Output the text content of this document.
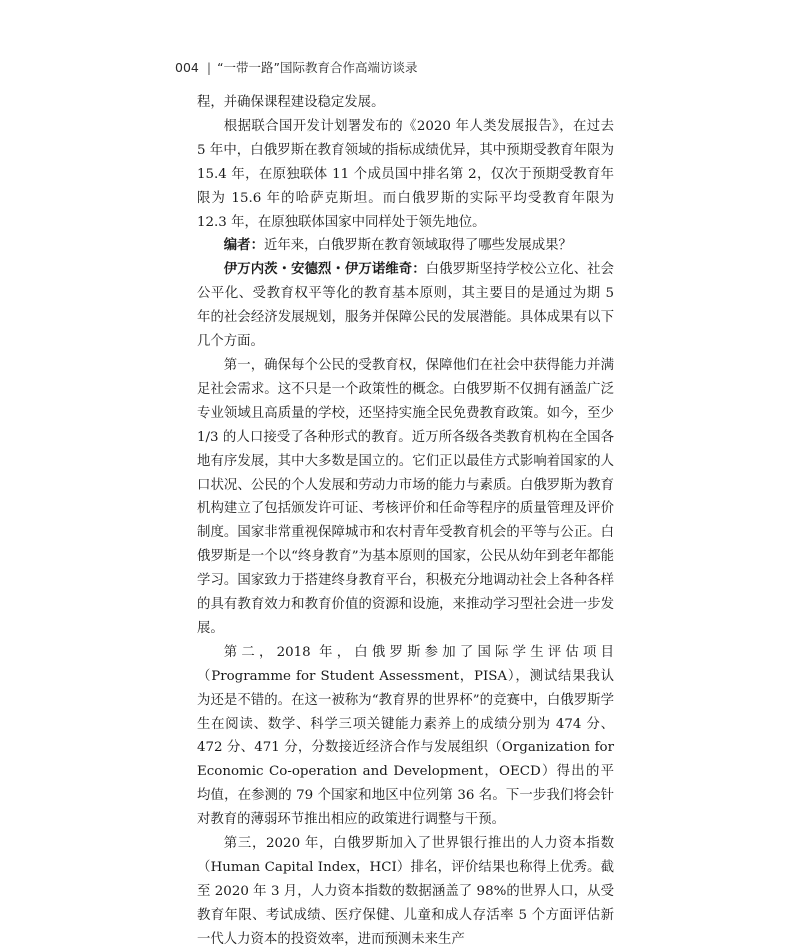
004 | “一带一路”国际教育合作高端访谈录

程，并确保课程建设稳定发展。

根据联合国开发计划署发布的《2020 年人类发展报告》，在过去 5 年中，白俄罗斯在教育领域的指标成绩优异，其中预期受教育年限为 15.4 年，在原独联体 11 个成员国中排名第 2，仅次于预期受教育年限为 15.6 年的哈萨克斯坦。而白俄罗斯的实际平均受教育年限为 12.3 年，在原独联体国家中同样处于领先地位。

编者：近年来，白俄罗斯在教育领域取得了哪些发展成果？

伊万内茨・安德烈・伊万诺维奇：白俄罗斯坚持学校公立化、社会公平化、受教育权平等化的教育基本原则，其主要目的是通过为期 5 年的社会经济发展规划，服务并保障公民的发展潜能。具体成果有以下几个方面。

第一，确保每个公民的受教育权，保障他们在社会中获得能力并满足社会需求。这不只是一个政策性的概念。白俄罗斯不仅拥有涵盖广泛专业领域且高质量的学校，还坚持实施全民免费教育政策。如今，至少 1/3 的人口接受了各种形式的教育。近万所各级各类教育机构在全国各地有序发展，其中大多数是国立的。它们正以最佳方式影响着国家的人口状况、公民的个人发展和劳动力市场的能力与素质。白俄罗斯为教育机构建立了包括颁发许可证、考核评价和任命等程序的质量管理及评价制度。国家非常重视保障城市和农村青年受教育机会的平等与公正。白俄罗斯是一个以“终身教育”为基本原则的国家，公民从幼年到老年都能学习。国家致力于搭建终身教育平台，积极充分地调动社会上各种各样的具有教育效力和教育价值的资源和设施，来推动学习型社会进一步发展。

第二，2018 年，白俄罗斯参加了国际学生评估项目（Programme for Student Assessment，PISA），测试结果我认为还是不错的。在这一被称为“教育界的世界杯”的竞赛中，白俄罗斯学生在阅读、数学、科学三项关键能力素养上的成绩分别为 474 分、472 分、471 分，分数接近经济合作与发展组织（Organization for Economic Co-operation and Development，OECD）得出的平均值，在参测的 79 个国家和地区中位列第 36 名。下一步我们将会针对教育的薄弱环节推出相应的政策进行调整与干预。

第三，2020 年，白俄罗斯加入了世界银行推出的人力资本指数（Human Capital Index，HCI）排名，评价结果也称得上优秀。截至 2020 年 3 月，人力资本指数的数据涵盖了 98%的世界人口，从受教育年限、考试成绩、医疗保健、儿童和成人存活率 5 个方面评估新一代人力资本的投资效率，进而预测未来生产
